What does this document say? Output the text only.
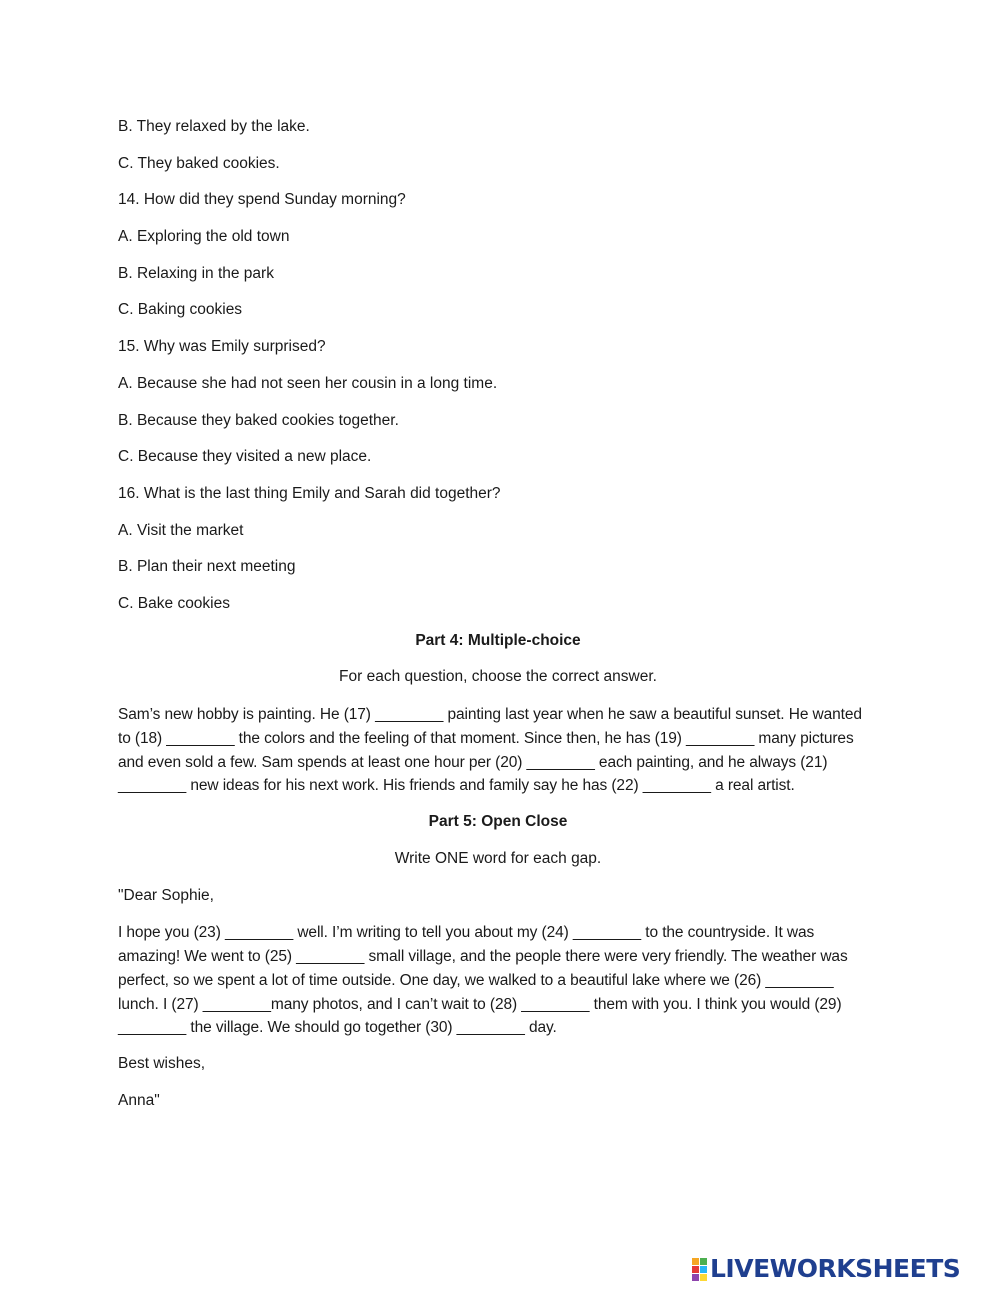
B. They relaxed by the lake.

C. They baked cookies.

14. How did they spend Sunday morning?

A. Exploring the old town

B. Relaxing in the park

C. Baking cookies

15. Why was Emily surprised?

A. Because she had not seen her cousin in a long time.

B. Because they baked cookies together.

C. Because they visited a new place.

16. What is the last thing Emily and Sarah did together?

A. Visit the market

B. Plan their next meeting

C. Bake cookies

Part 4: Multiple-choice

For each question, choose the correct answer.

Sam’s new hobby is painting. He (17) ________ painting last year when he saw a beautiful sunset. He wanted to (18) ________ the colors and the feeling of that moment. Since then, he has (19) ________ many pictures and even sold a few. Sam spends at least one hour per (20) ________ each painting, and he always (21) ________ new ideas for his next work. His friends and family say he has (22) ________ a real artist.

Part 5: Open Close

Write ONE word for each gap.

"Dear Sophie,

I hope you (23) ________ well. I’m writing to tell you about my (24) ________ to the countryside. It was amazing! We went to (25) ________ small village, and the people there were very friendly. The weather was perfect, so we spent a lot of time outside. One day, we walked to a beautiful lake where we (26) ________ lunch. I (27) ________many photos, and I can’t wait to (28) ________ them with you. I think you would (29) ________ the village. We should go together (30) ________ day.

Best wishes,

Anna"

LIVEWORKSHEETS
